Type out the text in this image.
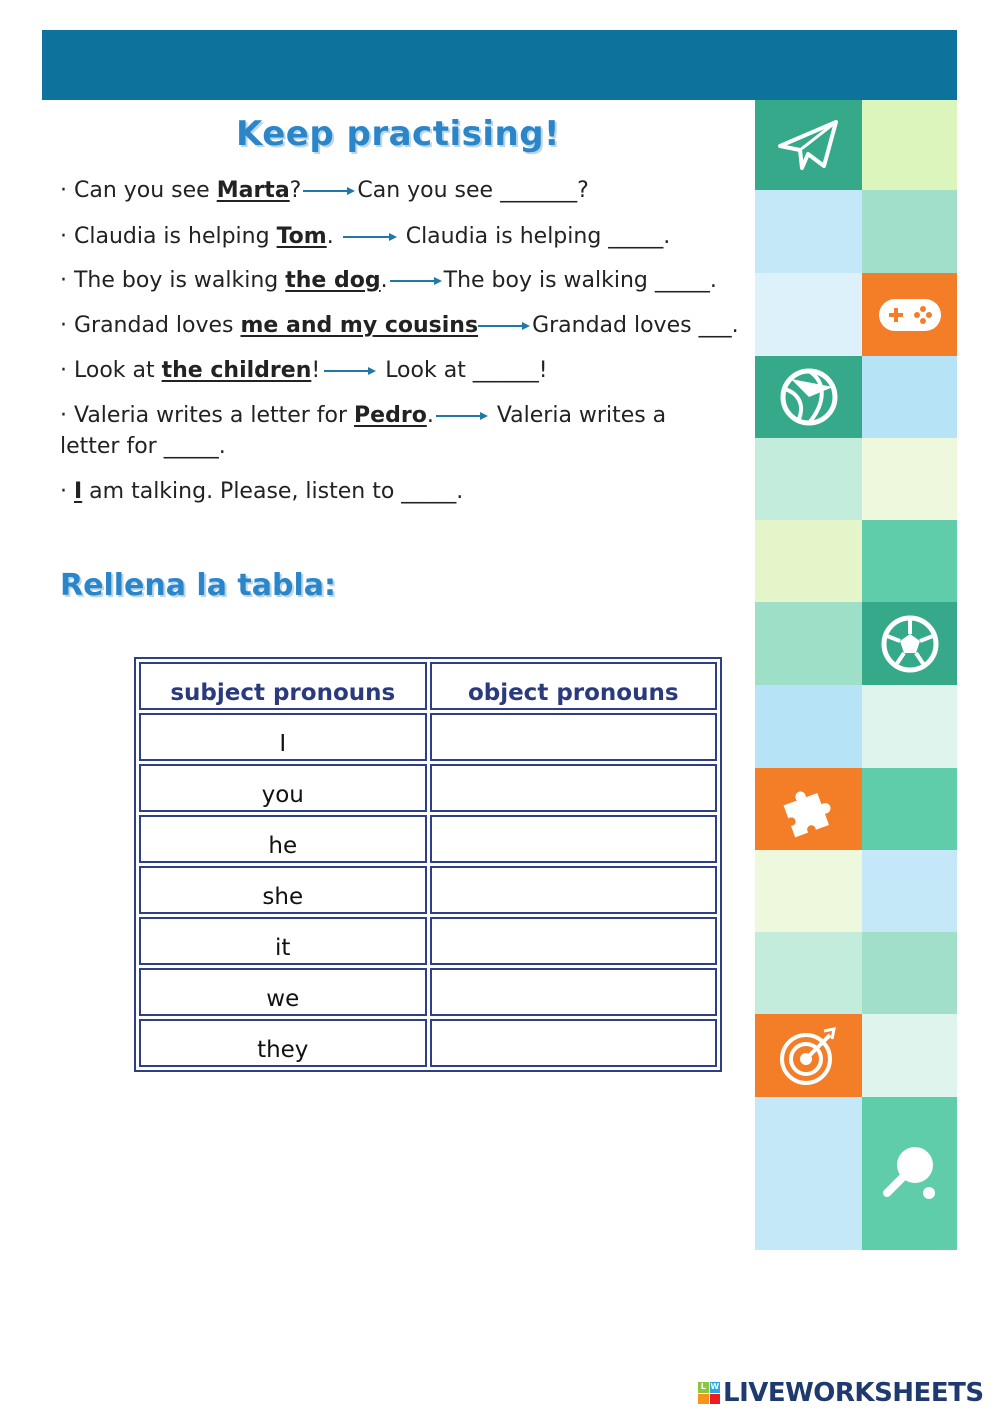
Keep practising!
· Can you see Marta?	Can you see _______?
· Claudia is helping Tom.	Claudia is helping _____.
· The boy is walking the dog.	The boy is walking _____.
· Grandad loves me and my cousins Grandad loves ___.
· Look at the children!	Look at ______!
· Valeria writes a letter for Pedro.	Valeria writes a letter for _____.
· I am talking. Please, listen to _____.
Rellena la tabla:
subject pronouns	object pronouns

I	

you	

he	

she	

it	

we	

they	

L W LIVEWORKSHEETS
